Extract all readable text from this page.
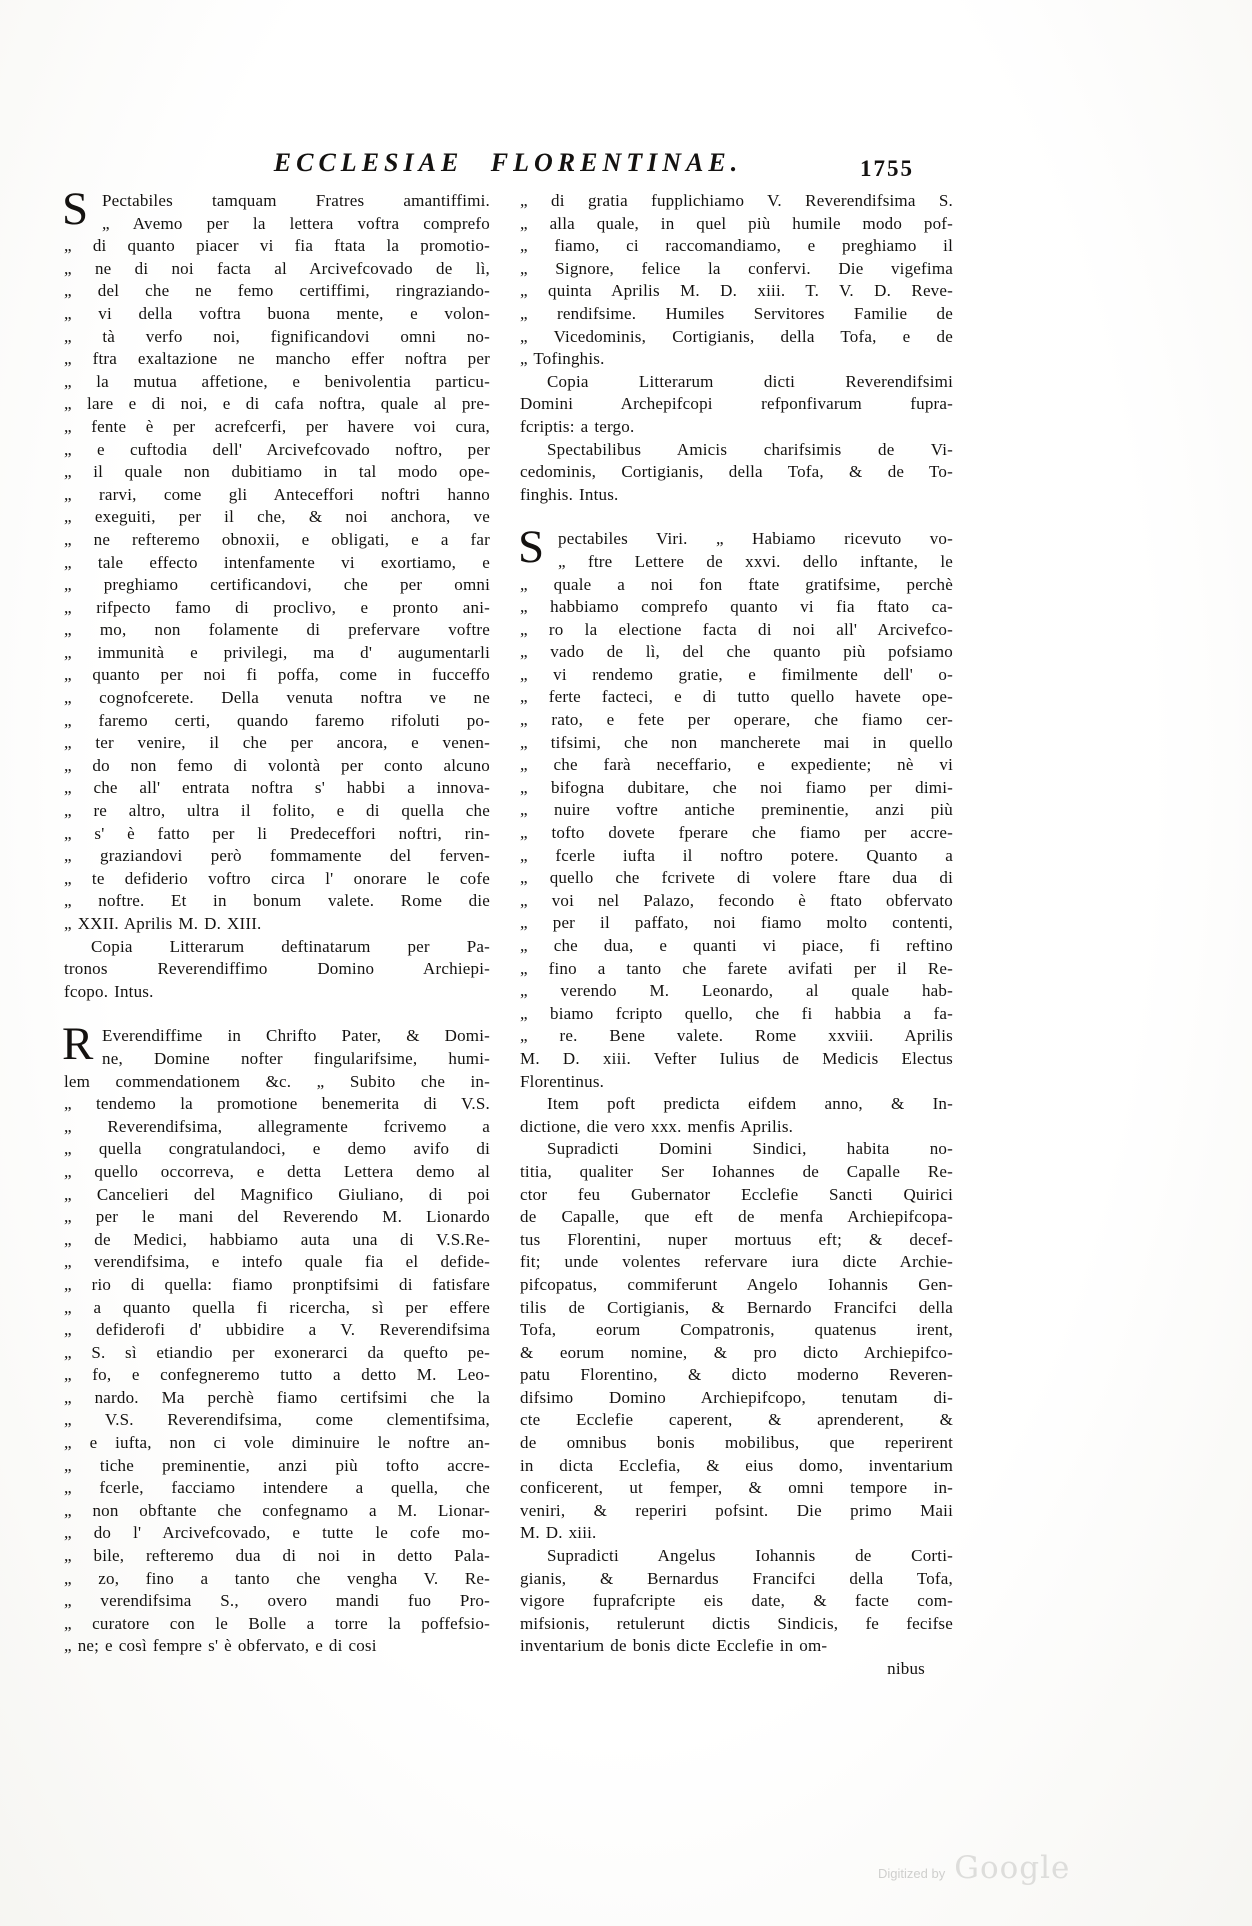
ECCLESIAE FLORENTINAE.	1755
S Pectabiles tamquam Fratres amantiffimi.
„ Avemo per la lettera voftra comprefo
„ di quanto piacer vi fia ftata la promotio-
„ ne di noi facta al Arcivefcovado de lì,
„ del che ne femo certiffimi, ringraziando-
„ vi della voftra buona mente, e volon-
„ tà verfo noi, fignificandovi omni no-
„ ftra exaltazione ne mancho effer noftra per
„ la mutua affetione, e benivolentia particu-
„ lare e di noi, e di cafa noftra, quale al pre-
„ fente è per acrefcerfi, per havere voi cura,
„ e cuftodia dell' Arcivefcovado noftro, per
„ il quale non dubitiamo in tal modo ope-
„ rarvi, come gli Anteceffori noftri hanno
„ exeguiti, per il che, & noi anchora, ve
„ ne refteremo obnoxii, e obligati, e a far
„ tale effecto intenfamente vi exortiamo, e
„ preghiamo certificandovi, che per omni
„ rifpecto famo di proclivo, e pronto ani-
„ mo, non folamente di prefervare voftre
„ immunità e privilegi, ma d' augumentarli
„ quanto per noi fi poffa, come in fucceffo
„ cognofcerete. Della venuta noftra ve ne
„ faremo certi, quando faremo rifoluti po-
„ ter venire, il che per ancora, e venen-
„ do non femo di volontà per conto alcuno
„ che all' entrata noftra s' habbi a innova-
„ re altro, ultra il folito, e di quella che
„ s' è fatto per li Predeceffori noftri, rin-
„ graziandovi però fommamente del ferven-
„ te defiderio voftro circa l' onorare le cofe
„ noftre. Et in bonum valete. Rome die
„ XXII. Aprilis M. D. XIII.
Copia Litterarum deftinatarum per Pa-
tronos Reverendiffimo Domino Archiepi-
fcopo. Intus.
R Everendiffime in Chrifto Pater, & Domi-
ne, Domine nofter fingularifsime, humi-
lem commendationem &c. „ Subito che in-
„ tendemo la promotione benemerita di V.S.
„ Reverendifsima, allegramente fcrivemo a
„ quella congratulandoci, e demo avifo di
„ quello occorreva, e detta Lettera demo al
„ Cancelieri del Magnifico Giuliano, di poi
„ per le mani del Reverendo M. Lionardo
„ de Medici, habbiamo auta una di V.S.Re-
„ verendifsima, e intefo quale fia el defide-
„ rio di quella: fiamo pronptifsimi di fatisfare
„ a quanto quella fi ricercha, sì per effere
„ defiderofi d' ubbidire a V. Reverendifsima
„ S. sì etiandio per exonerarci da quefto pe-
„ fo, e confegneremo tutto a detto M. Leo-
„ nardo. Ma perchè fiamo certifsimi che la
„ V.S. Reverendifsima, come clementifsima,
„ e iufta, non ci vole diminuire le noftre an-
„ tiche preminentie, anzi più tofto accre-
„ fcerle, facciamo intendere a quella, che
„ non obftante che confegnamo a M. Lionar-
„ do l' Arcivefcovado, e tutte le cofe mo-
„ bile, refteremo dua di noi in detto Pala-
„ zo, fino a tanto che vengha V. Re-
„ verendifsima S., overo mandi fuo Pro-
„ curatore con le Bolle a torre la poffefsio-
„ ne; e così fempre s' è obfervato, e di cosi
„ di gratia fupplichiamo V. Reverendifsima S.
„ alla quale, in quel più humile modo pof-
„ fiamo, ci raccomandiamo, e preghiamo il
„ Signore, felice la confervi. Die vigefima
„ quinta Aprilis M. D. xiii. T. V. D. Reve-
„ rendifsime. Humiles Servitores Familie de
„ Vicedominis, Cortigianis, della Tofa, e de
„ Tofinghis.
Copia Litterarum dicti Reverendifsimi
Domini Archepifcopi refponfivarum fupra-
fcriptis: a tergo.
Spectabilibus Amicis charifsimis de Vi-
cedominis, Cortigianis, della Tofa, & de To-
finghis. Intus.
S pectabiles Viri. „ Habiamo ricevuto vo-
„ ftre Lettere de xxvi. dello inftante, le
„ quale a noi fon ftate gratifsime, perchè
„ habbiamo comprefo quanto vi fia ftato ca-
„ ro la electione facta di noi all' Arcivefco-
„ vado de lì, del che quanto più pofsiamo
„ vi rendemo gratie, e fimilmente dell' o-
„ ferte facteci, e di tutto quello havete ope-
„ rato, e fete per operare, che fiamo cer-
„ tifsimi, che non mancherete mai in quello
„ che farà neceffario, e expediente; nè vi
„ bifogna dubitare, che noi fiamo per dimi-
„ nuire voftre antiche preminentie, anzi più
„ tofto dovete fperare che fiamo per accre-
„ fcerle iufta il noftro potere. Quanto a
„ quello che fcrivete di volere ftare dua di
„ voi nel Palazo, fecondo è ftato obfervato
„ per il paffato, noi fiamo molto contenti,
„ che dua, e quanti vi piace, fi reftino
„ fino a tanto che farete avifati per il Re-
„ verendo M. Leonardo, al quale hab-
„ biamo fcripto quello, che fi habbia a fa-
„ re. Bene valete. Rome xxviii. Aprilis
M. D. xiii. Vefter Iulius de Medicis Electus
Florentinus.
Item poft predicta eifdem anno, & In-
dictione, die vero xxx. menfis Aprilis.
Supradicti Domini Sindici, habita no-
titia, qualiter Ser Iohannes de Capalle Re-
ctor feu Gubernator Ecclefie Sancti Quirici
de Capalle, que eft de menfa Archiepifcopa-
tus Florentini, nuper mortuus eft; & decef-
fit; unde volentes refervare iura dicte Archie-
pifcopatus, commiferunt Angelo Iohannis Gen-
tilis de Cortigianis, & Bernardo Francifci della
Tofa, eorum Compatronis, quatenus irent,
& eorum nomine, & pro dicto Archiepifco-
patu Florentino, & dicto moderno Reveren-
difsimo Domino Archiepifcopo, tenutam di-
cte Ecclefie caperent, & aprenderent, &
de omnibus bonis mobilibus, que reperirent
in dicta Ecclefia, & eius domo, inventarium
conficerent, ut femper, & omni tempore in-
veniri, & reperiri pofsint. Die primo Maii
M. D. xiii.
Supradicti Angelus Iohannis de Corti-
gianis, & Bernardus Francifci della Tofa,
vigore fuprafcripte eis date, & facte com-
mifsionis, retulerunt dictis Sindicis, fe fecifse
inventarium de bonis dicte Ecclefie in om-
nibus
Digitized by Google
